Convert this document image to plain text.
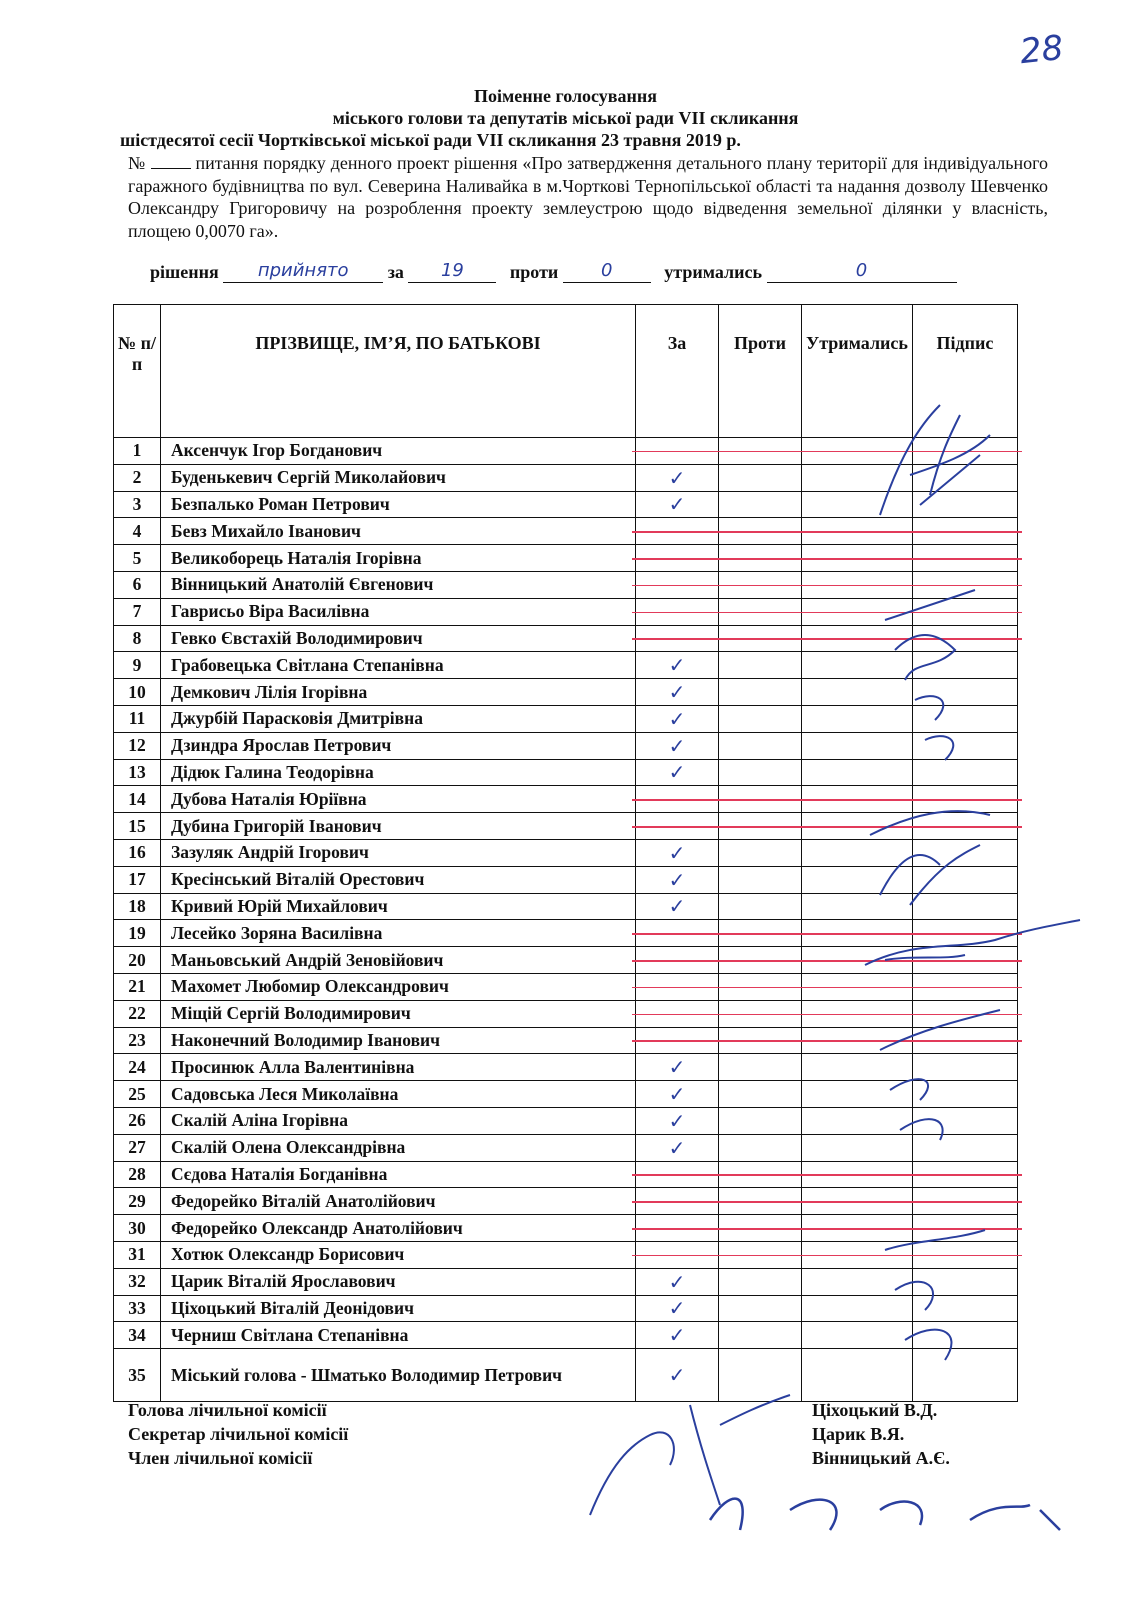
28
Поіменне голосування
міського голови та депутатів міської ради VII скликання
шістдесятої сесії Чортківської міської ради VII скликання 23 травня 2019 р.
№	питання порядку денного проект рішення «Про затвердження детального плану території для індивідуального гаражного будівництва по вул. Северина Наливайка в м.Чорткові Тернопільської області та надання дозволу Шевченко Олександру Григоровичу на розроблення проекту землеустрою щодо відведення земельної ділянки у власність, площею 0,0070 га».
рішення прийнято за 19	проти 0	утримались	0
№ п/п	ПРІЗВИЩЕ, ІМ’Я, ПО БАТЬКОВІ	За	Проти	Утримались	Підпис
1	Аксенчук Ігор Богданович				
2	Буденькевич Сергій Миколайович	✓			
3	Безпалько Роман Петрович	✓			
4	Бевз Михайло Іванович				
5	Великоборець Наталія Ігорівна				
6	Вінницький Анатолій Євгенович				
7	Гаврисьо Віра Василівна				
8	Гевко Євстахій Володимирович				
9	Грабовецька Світлана Степанівна	✓			
10	Демкович Лілія Ігорівна	✓			
11	Джурбій Парасковія Дмитрівна	✓			
12	Дзиндра Ярослав Петрович	✓			
13	Дідюк Галина Теодорівна	✓			
14	Дубова Наталія Юріївна				
15	Дубина Григорій Іванович				
16	Зазуляк Андрій Ігорович	✓			
17	Кресінський Віталій Орестович	✓			
18	Кривий Юрій Михайлович	✓			
19	Лесейко Зоряна Василівна				
20	Маньовський Андрій Зеновійович				
21	Махомет Любомир Олександрович				
22	Міщій Сергій Володимирович				
23	Наконечний Володимир Іванович				
24	Просинюк Алла Валентинівна	✓			
25	Садовська Леся Миколаївна	✓			
26	Скалій Аліна Ігорівна	✓			
27	Скалій Олена Олександрівна	✓			
28	Сєдова Наталія Богданівна				
29	Федорейко Віталій Анатолійович				
30	Федорейко Олександр Анатолійович				
31	Хотюк Олександр Борисович				
32	Царик Віталій Ярославович	✓			
33	Ціхоцький Віталій Деонідович	✓			
34	Черниш Світлана Степанівна	✓			
35	Міський голова - Шматько Володимир Петрович	✓			
Голова лічильної комісії
Секретар лічильної комісії
Член лічильної комісії
Ціхоцький В.Д.
Царик В.Я.
Вінницький А.Є.
